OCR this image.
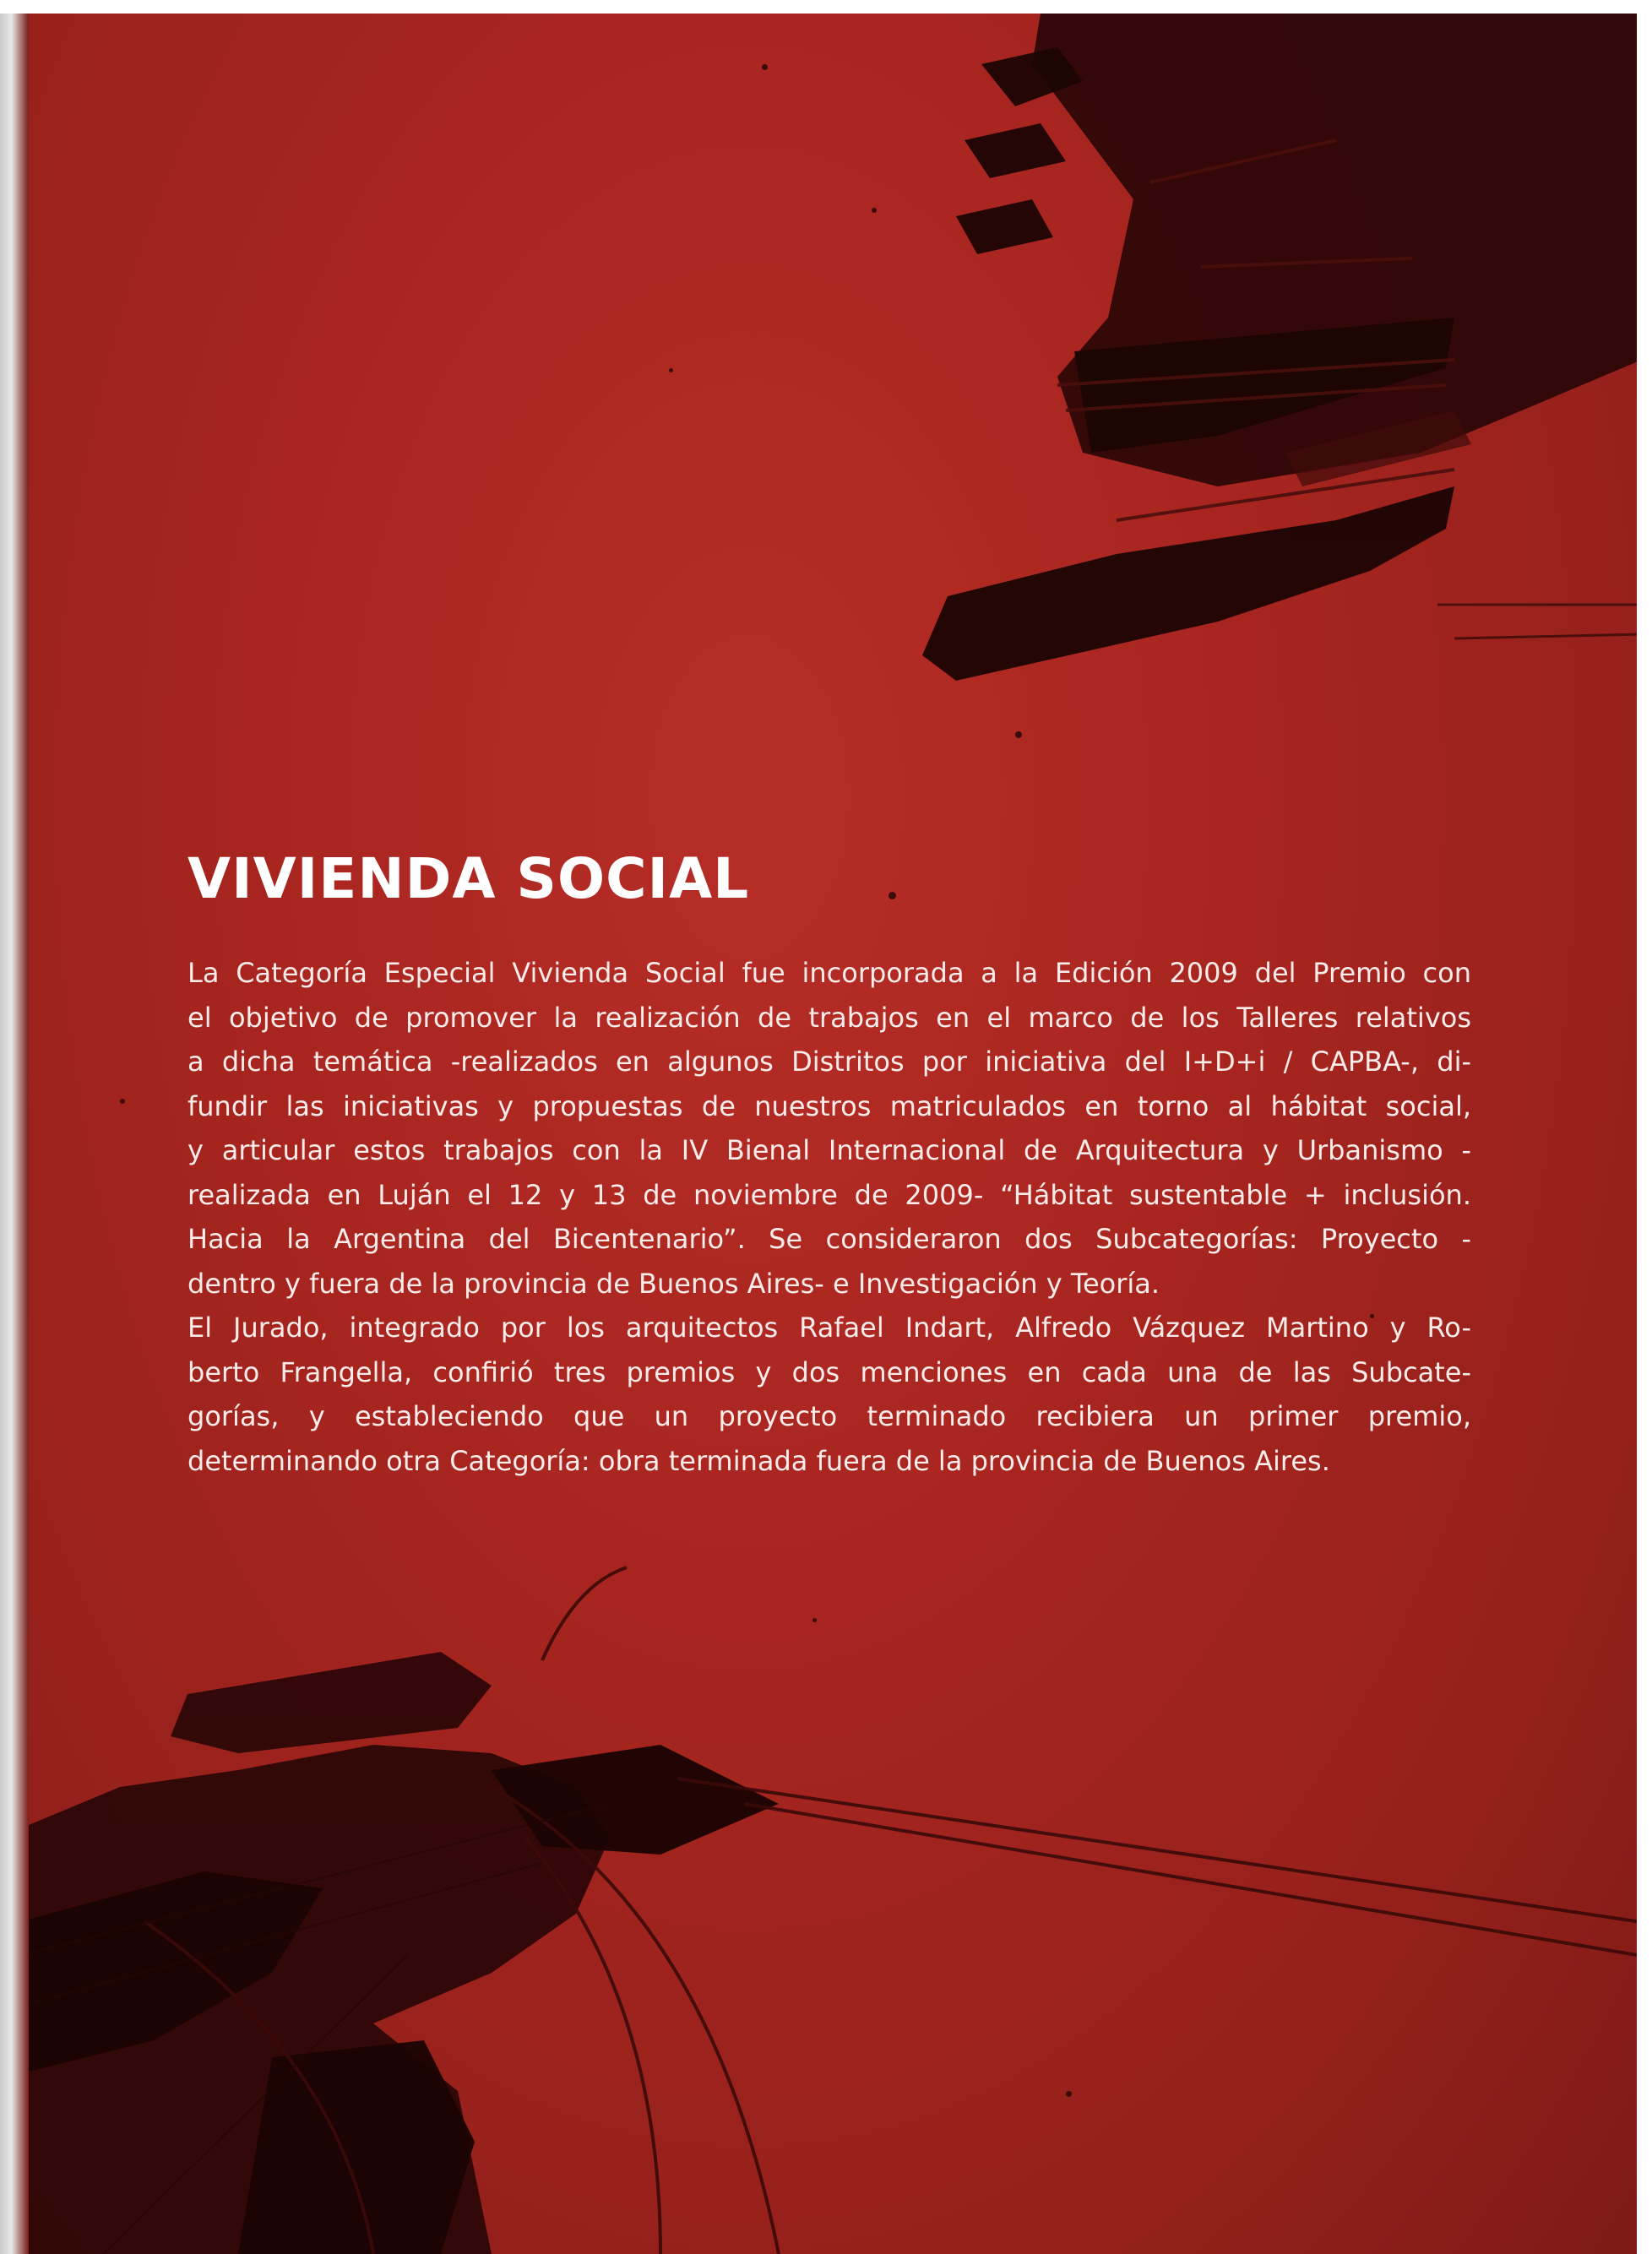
VIVIENDA SOCIAL
La Categoría Especial Vivienda Social fue incorporada a la Edición 2009 del Premio con
el objetivo de promover la realización de trabajos en el marco de los Talleres relativos
a dicha temática -realizados en algunos Distritos por iniciativa del I+D+i / CAPBA-, di-
fundir las iniciativas y propuestas de nuestros matriculados en torno al hábitat social,
y articular estos trabajos con la IV Bienal Internacional de Arquitectura y Urbanismo -
realizada en Luján el 12 y 13 de noviembre de 2009- “Hábitat sustentable + inclusión.
Hacia la Argentina del Bicentenario”. Se consideraron dos Subcategorías: Proyecto -
dentro y fuera de la provincia de Buenos Aires- e Investigación y Teoría.
El Jurado, integrado por los arquitectos Rafael Indart, Alfredo Vázquez Martino y Ro-
berto Frangella, confirió tres premios y dos menciones en cada una de las Subcate-
gorías, y estableciendo que un proyecto terminado recibiera un primer premio,
determinando otra Categoría: obra terminada fuera de la provincia de Buenos Aires.
